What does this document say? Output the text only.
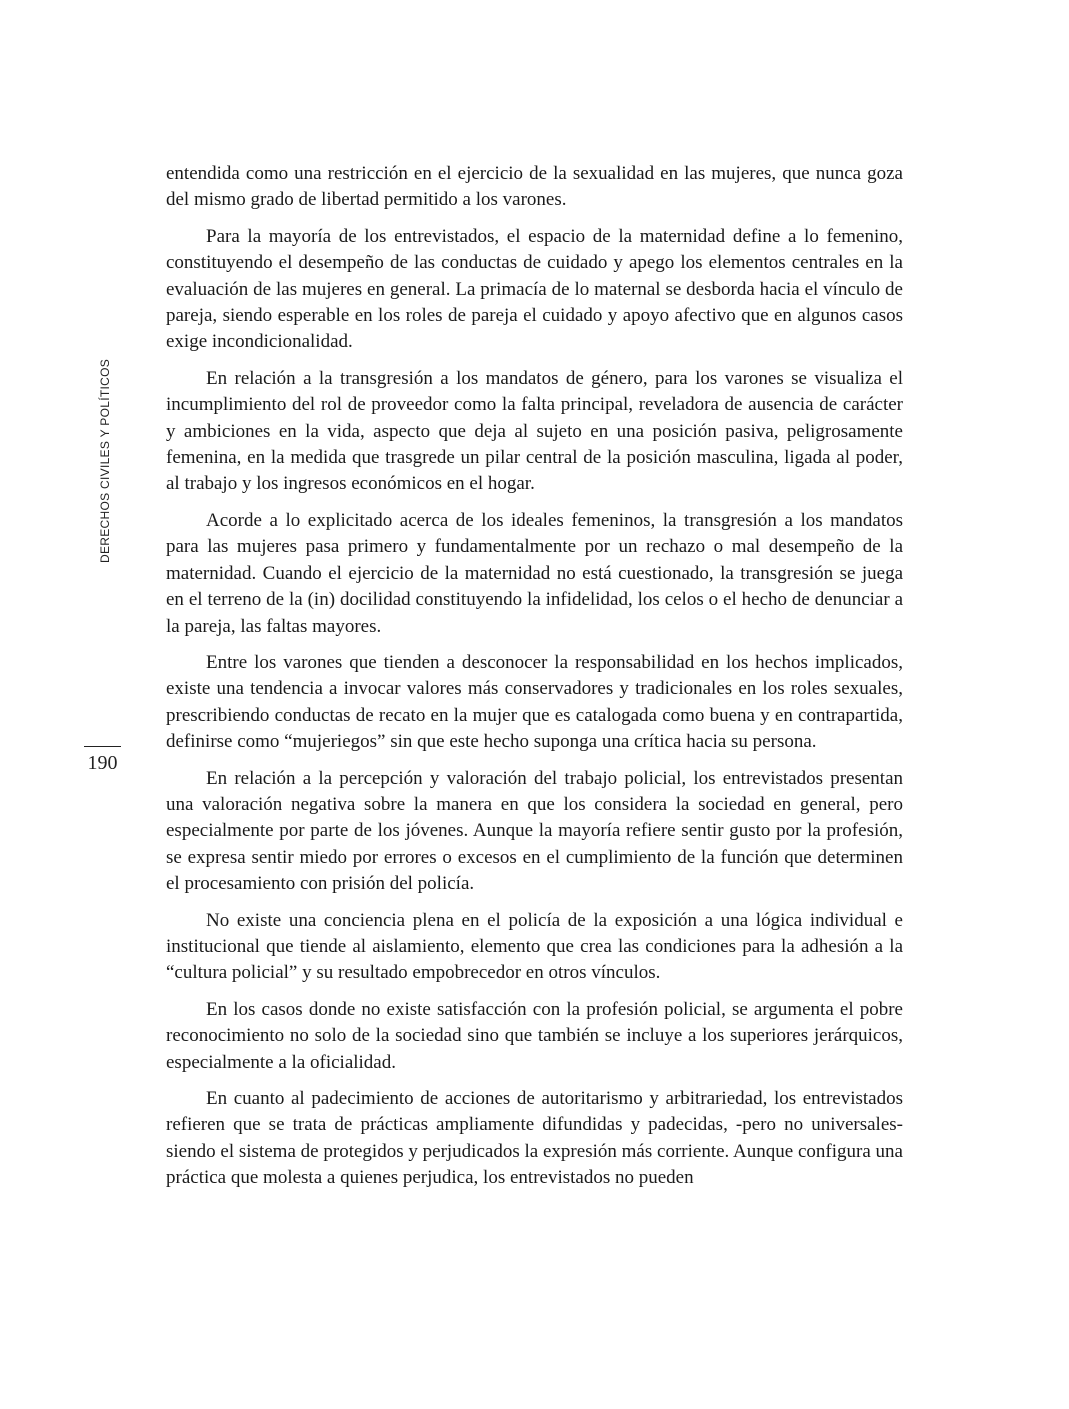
DERECHOS CIVILES Y POLÍTICOS
190

entendida como una restricción en el ejercicio de la sexualidad en las mujeres, que nunca goza del mismo grado de libertad permitido a los varones.

Para la mayoría de los entrevistados, el espacio de la maternidad define a lo femenino, constituyendo el desempeño de las conductas de cuidado y apego los elementos centrales en la evaluación de las mujeres en general. La primacía de lo maternal se desborda hacia el vínculo de pareja, siendo esperable en los roles de pareja el cuidado y apoyo afectivo que en algunos casos exige incondicionalidad.

En relación a la transgresión a los mandatos de género, para los varones se visualiza el incumplimiento del rol de proveedor como la falta principal, reveladora de ausencia de carácter y ambiciones en la vida, aspecto que deja al sujeto en una posición pasiva, peligrosamente femenina, en la medida que trasgrede un pilar central de la posición masculina, ligada al poder, al trabajo y los ingresos económicos en el hogar.

Acorde a lo explicitado acerca de los ideales femeninos, la transgresión a los mandatos para las mujeres pasa primero y fundamentalmente por un rechazo o mal desempeño de la maternidad. Cuando el ejercicio de la maternidad no está cuestionado, la transgresión se juega en el terreno de la (in) docilidad constituyendo la infidelidad, los celos o el hecho de denunciar a la pareja, las faltas mayores.

Entre los varones que tienden a desconocer la responsabilidad en los hechos implicados, existe una tendencia a invocar valores más conservadores y tradicionales en los roles sexuales, prescribiendo conductas de recato en la mujer que es catalogada como buena y en contrapartida, definirse como “mujeriegos” sin que este hecho suponga una crítica hacia su persona.

En relación a la percepción y valoración del trabajo policial, los entrevistados presentan una valoración negativa sobre la manera en que los considera la sociedad en general, pero especialmente por parte de los jóvenes. Aunque la mayoría refiere sentir gusto por la profesión, se expresa sentir miedo por errores o excesos en el cumplimiento de la función que determinen el procesamiento con prisión del policía.

No existe una conciencia plena en el policía de la exposición a una lógica individual e institucional que tiende al aislamiento, elemento que crea las condiciones para la adhesión a la “cultura policial” y su resultado empobrecedor en otros vínculos.

En los casos donde no existe satisfacción con la profesión policial, se argumenta el pobre reconocimiento no solo de la sociedad sino que también se incluye a los superiores jerárquicos, especialmente a la oficialidad.

En cuanto al padecimiento de acciones de autoritarismo y arbitrariedad, los entrevistados refieren que se trata de prácticas ampliamente difundidas y padecidas, -pero no universales- siendo el sistema de protegidos y perjudicados la expresión más corriente. Aunque configura una práctica que molesta a quienes perjudica, los entrevistados no pueden
